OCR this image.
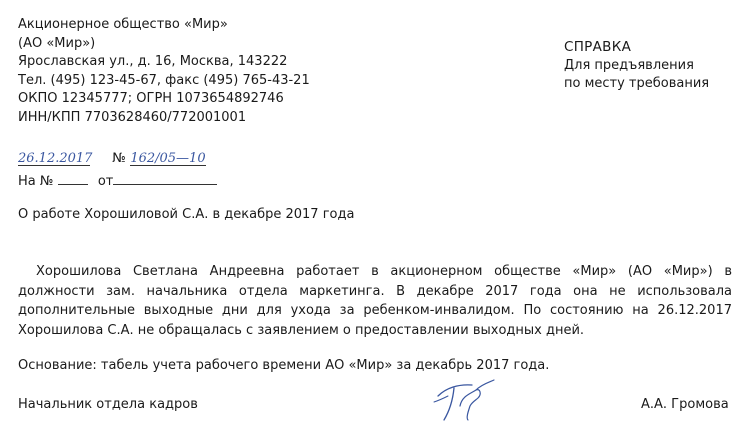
Акционерное общество «Мир»
(АО «Мир»)
Ярославская ул., д. 16, Москва, 143222
Тел. (495) 123-45-67, факс (495) 765-43-21
ОКПО 12345777; ОГРН 1073654892746
ИНН/КПП 7703628460/772001001
СПРАВКА
Для предъявления
по месту требования
26.12.2017 № 162/05—10
На №	от
О работе Хорошиловой С.А. в декабре 2017 года
Хорошилова Светлана Андреевна работает в акционерном обществе «Мир» (АО «Мир») в должности зам. начальника отдела маркетинга. В декабре 2017 года она не использовала дополнительные выходные дни для ухода за ребенком-инвалидом. По состоянию на 26.12.2017 Хорошилова С.А. не обращалась с заявлением о предоставлении выходных дней.
Основание: табель учета рабочего времени АО «Мир» за декабрь 2017 года.
Начальник отдела кадров	А.А. Громова
